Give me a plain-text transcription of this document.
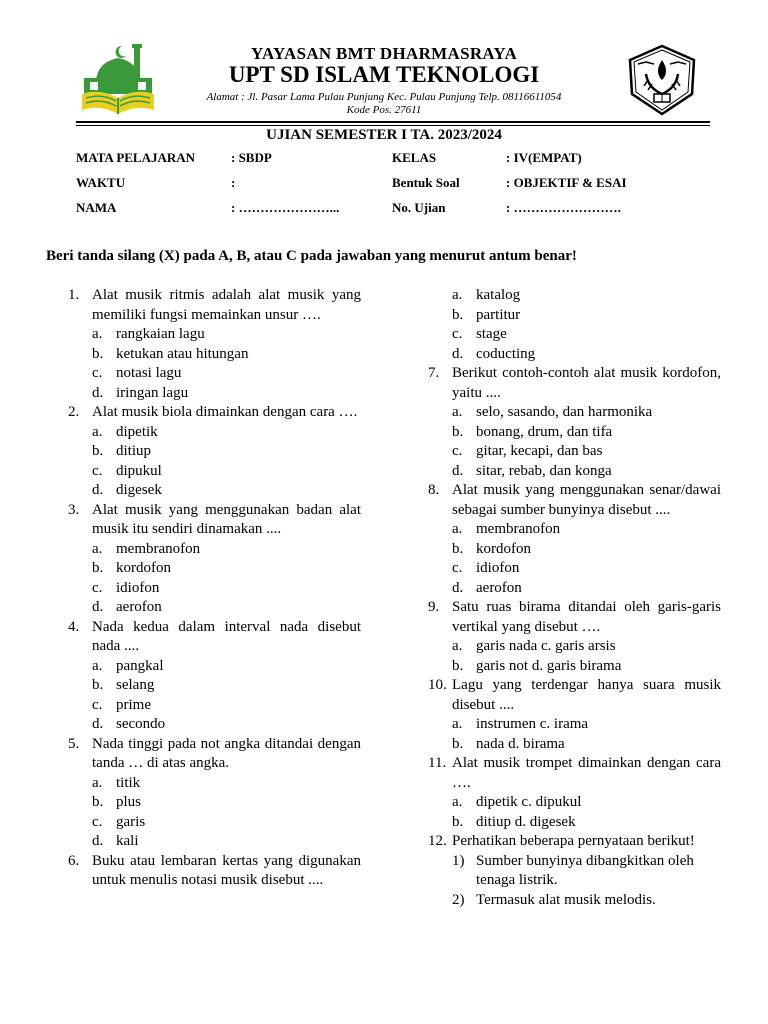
YAYASAN BMT DHARMASRAYA
UPT SD ISLAM TEKNOLOGI
Alamat : Jl. Pasar Lama Pulau Punjung Kec. Pulau Punjung Telp. 08116611054
Kode Pos. 27611
UJIAN SEMESTER I TA. 2023/2024
MATA PELAJARAN	: SBDP	KELAS	: IV(EMPAT)
WAKTU	:	Bentuk Soal	: OBJEKTIF & ESAI
NAMA	: …………………...	No. Ujian	: …………………….
Beri tanda silang (X) pada A, B, atau C pada jawaban yang menurut antum benar!
1. Alat musik ritmis adalah alat musik yang memiliki fungsi memainkan unsur ….
a. rangkaian lagu
b. ketukan atau hitungan
c. notasi lagu
d. iringan lagu
2. Alat musik biola dimainkan dengan cara ….
a. dipetik
b. ditiup
c. dipukul
d. digesek
3. Alat musik yang menggunakan badan alat musik itu sendiri dinamakan ....
a. membranofon
b. kordofon
c. idiofon
d. aerofon
4. Nada kedua dalam interval nada disebut nada ....
a. pangkal
b. selang
c. prime
d. secondo
5. Nada tinggi pada not angka ditandai dengan tanda … di atas angka.
a. titik
b. plus
c. garis
d. kali
6. Buku atau lembaran kertas yang digunakan untuk menulis notasi musik disebut ....
a. katalog
b. partitur
c. stage
d. coducting
7. Berikut contoh-contoh alat musik kordofon, yaitu ....
a. selo, sasando, dan harmonika
b. bonang, drum, dan tifa
c. gitar, kecapi, dan bas
d. sitar, rebab, dan konga
8. Alat musik yang menggunakan senar/dawai sebagai sumber bunyinya disebut ....
a. membranofon
b. kordofon
c. idiofon
d. aerofon
9. Satu ruas birama ditandai oleh garis-garis vertikal yang disebut ….
a. garis nada c. garis arsis
b. garis not d. garis birama
10. Lagu yang terdengar hanya suara musik disebut ....
a. instrumen c. irama
b. nada d. birama
11. Alat musik trompet dimainkan dengan cara ….
a. dipetik c. dipukul
b. ditiup d. digesek
12. Perhatikan beberapa pernyataan berikut!
1) Sumber bunyinya dibangkitkan oleh tenaga listrik.
2) Termasuk alat musik melodis.
